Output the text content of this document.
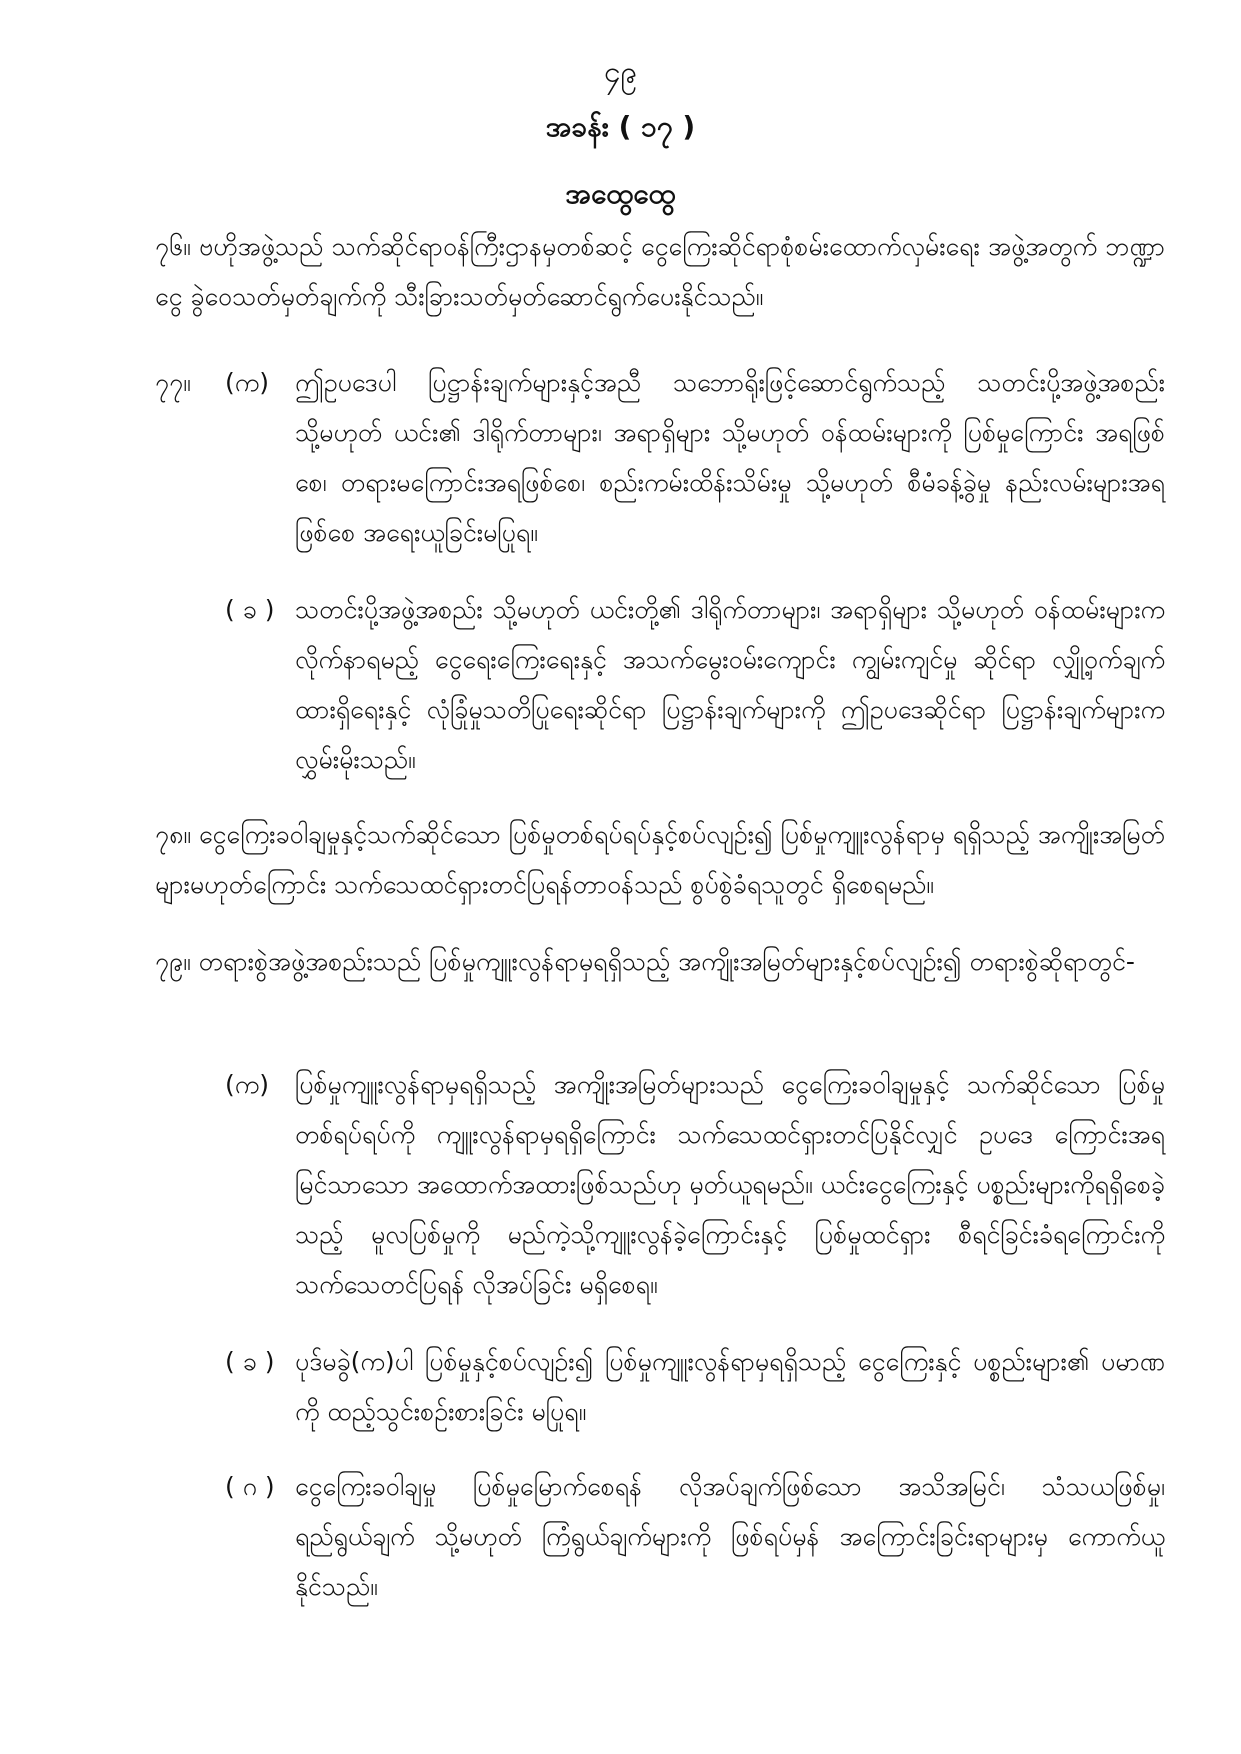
၄၉
အခန်း ( ၁၇ )
အထွေထွေ
၇၆။ ဗဟိုအဖွဲ့သည် သက်ဆိုင်ရာဝန်ကြီးဌာနမှတစ်ဆင့် ငွေကြေးဆိုင်ရာစုံစမ်းထောက်လှမ်းရေး အဖွဲ့အတွက် ဘဏ္ဍာငွေ ခွဲဝေသတ်မှတ်ချက်ကို သီးခြားသတ်မှတ်ဆောင်ရွက်ပေးနိုင်သည်။
၇၇။	(က)	ဤဥပဒေပါ ပြဋ္ဌာန်းချက်များနှင့်အညီ သဘောရိုးဖြင့်ဆောင်ရွက်သည့် သတင်းပို့အဖွဲ့အစည်း သို့မဟုတ် ယင်း၏ ဒါရိုက်တာများ၊ အရာရှိများ သို့မဟုတ် ဝန်ထမ်းများကို ပြစ်မှုကြောင်း အရဖြစ်စေ၊ တရားမကြောင်းအရဖြစ်စေ၊ စည်းကမ်းထိန်းသိမ်းမှု သို့မဟုတ် စီမံခန့်ခွဲမှု နည်းလမ်းများအရဖြစ်စေ အရေးယူခြင်းမပြုရ။
( ခ ) သတင်းပို့အဖွဲ့အစည်း သို့မဟုတ် ယင်းတို့၏ ဒါရိုက်တာများ၊ အရာရှိများ သို့မဟုတ် ဝန်ထမ်းများက လိုက်နာရမည့် ငွေရေးကြေးရေးနှင့် အသက်မွေးဝမ်းကျောင်း ကျွမ်းကျင်မှု ဆိုင်ရာ လျှို့ဝှက်ချက်ထားရှိရေးနှင့် လုံခြုံမှုသတိပြုရေးဆိုင်ရာ ပြဋ္ဌာန်းချက်များကို ဤဥပဒေဆိုင်ရာ ပြဋ္ဌာန်းချက်များက လွှမ်းမိုးသည်။
၇၈။ ငွေကြေးခဝါချမှုနှင့်သက်ဆိုင်သော ပြစ်မှုတစ်ရပ်ရပ်နှင့်စပ်လျဉ်း၍ ပြစ်မှုကျူးလွန်ရာမှ ရရှိသည့် အကျိုးအမြတ်များမဟုတ်ကြောင်း သက်သေထင်ရှားတင်ပြရန်တာဝန်သည် စွပ်စွဲခံရသူတွင် ရှိစေရမည်။
၇၉။ တရားစွဲအဖွဲ့အစည်းသည် ပြစ်မှုကျူးလွန်ရာမှရရှိသည့် အကျိုးအမြတ်များနှင့်စပ်လျဉ်း၍ တရားစွဲဆိုရာတွင်-
(က)	ပြစ်မှုကျူးလွန်ရာမှရရှိသည့် အကျိုးအမြတ်များသည် ငွေကြေးခဝါချမှုနှင့် သက်ဆိုင်သော ပြစ်မှုတစ်ရပ်ရပ်ကို ကျူးလွန်ရာမှရရှိကြောင်း သက်သေထင်ရှားတင်ပြနိုင်လျှင် ဥပဒေ ကြောင်းအရမြင်သာသော အထောက်အထားဖြစ်သည်ဟု မှတ်ယူရမည်။ ယင်းငွေကြေးနှင့် ပစ္စည်းများကိုရရှိစေခဲ့သည့် မူလပြစ်မှုကို မည်ကဲ့သို့ကျူးလွန်ခဲ့ကြောင်းနှင့် ပြစ်မှုထင်ရှား စီရင်ခြင်းခံရကြောင်းကို သက်သေတင်ပြရန် လိုအပ်ခြင်း မရှိစေရ။
( ခ ) ပုဒ်မခွဲ(က)ပါ ပြစ်မှုနှင့်စပ်လျဉ်း၍ ပြစ်မှုကျူးလွန်ရာမှရရှိသည့် ငွေကြေးနှင့် ပစ္စည်းများ၏ ပမာဏကို ထည့်သွင်းစဉ်းစားခြင်း မပြုရ။
( ဂ ) ငွေကြေးခဝါချမှု ပြစ်မှုမြောက်စေရန် လိုအပ်ချက်ဖြစ်သော အသိအမြင်၊ သံသယဖြစ်မှု၊ ရည်ရွယ်ချက် သို့မဟုတ် ကြံရွယ်ချက်များကို ဖြစ်ရပ်မှန် အကြောင်းခြင်းရာများမှ ကောက်ယူနိုင်သည်။
